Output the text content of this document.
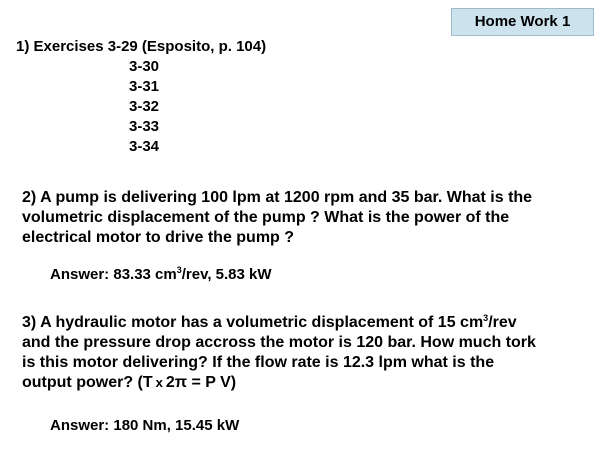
Home Work 1
1) Exercises 3-29 (Esposito, p. 104)
3-30
3-31
3-32
3-33
3-34
2) A pump is delivering 100 lpm at 1200 rpm and 35 bar. What is the
volumetric displacement of the pump ? What is the power of the
electrical motor to drive the pump ?
Answer: 83.33 $cm^3$/rev, 5.83 kW
3) A hydraulic motor has a volumetric displacement of 15 $cm^3$/rev
and the pressure drop accross the motor is 120 bar. How much tork
is this motor delivering? If the flow rate is 12.3 lpm what is the
output power? (T x 2π = P V)
Answer: 180 Nm, 15.45 kW
